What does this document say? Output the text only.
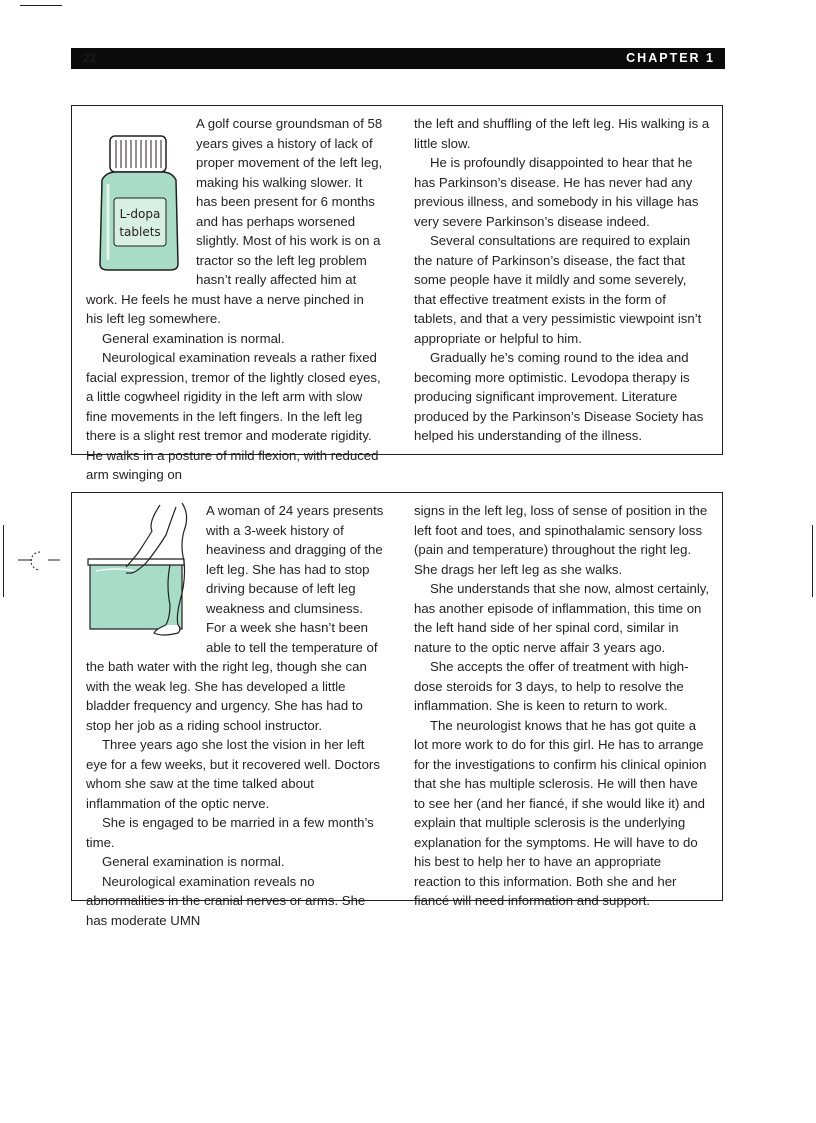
22	CHAPTER 1
L-dopa
tablets

A golf course groundsman of 58 years gives a history of lack of proper movement of the left leg, making his walking slower. It has been present for 6 months and has perhaps worsened slightly. Most of his work is on a tractor so the left leg problem hasn’t really affected him at work. He feels he must have a nerve pinched in his left leg somewhere.

General examination is normal.

Neurological examination reveals a rather fixed facial expression, tremor of the lightly closed eyes, a little cogwheel rigidity in the left arm with slow fine movements in the left fingers. In the left leg there is a slight rest tremor and moderate rigidity. He walks in a posture of mild flexion, with reduced arm swinging on

the left and shuffling of the left leg. His walking is a little slow.

He is profoundly disappointed to hear that he has Parkinson’s disease. He has never had any previous illness, and somebody in his village has very severe Parkinson’s disease indeed.

Several consultations are required to explain the nature of Parkinson’s disease, the fact that some people have it mildly and some severely, that effective treatment exists in the form of tablets, and that a very pessimistic viewpoint isn’t appropriate or helpful to him.

Gradually he’s coming round to the idea and becoming more optimistic. Levodopa therapy is producing significant improvement. Literature produced by the Parkinson’s Disease Society has helped his understanding of the illness.

A woman of 24 years presents with a 3-week history of heaviness and dragging of the left leg. She has had to stop driving because of left leg weakness and clumsiness. For a week she hasn’t been able to tell the temperature of the bath water with the right leg, though she can with the weak leg. She has developed a little bladder frequency and urgency. She has had to stop her job as a riding school instructor.

Three years ago she lost the vision in her left eye for a few weeks, but it recovered well. Doctors whom she saw at the time talked about inflammation of the optic nerve.

She is engaged to be married in a few month’s time.

General examination is normal.

Neurological examination reveals no abnormalities in the cranial nerves or arms. She has moderate UMN

signs in the left leg, loss of sense of position in the left foot and toes, and spinothalamic sensory loss (pain and temperature) throughout the right leg. She drags her left leg as she walks.

She understands that she now, almost certainly, has another episode of inflammation, this time on the left hand side of her spinal cord, similar in nature to the optic nerve affair 3 years ago.

She accepts the offer of treatment with high-dose steroids for 3 days, to help to resolve the inflammation. She is keen to return to work.

The neurologist knows that he has got quite a lot more work to do for this girl. He has to arrange for the investigations to confirm his clinical opinion that she has multiple sclerosis. He will then have to see her (and her fiancé, if she would like it) and explain that multiple sclerosis is the underlying explanation for the symptoms. He will have to do his best to help her to have an appropriate reaction to this information. Both she and her fiancé will need information and support.
